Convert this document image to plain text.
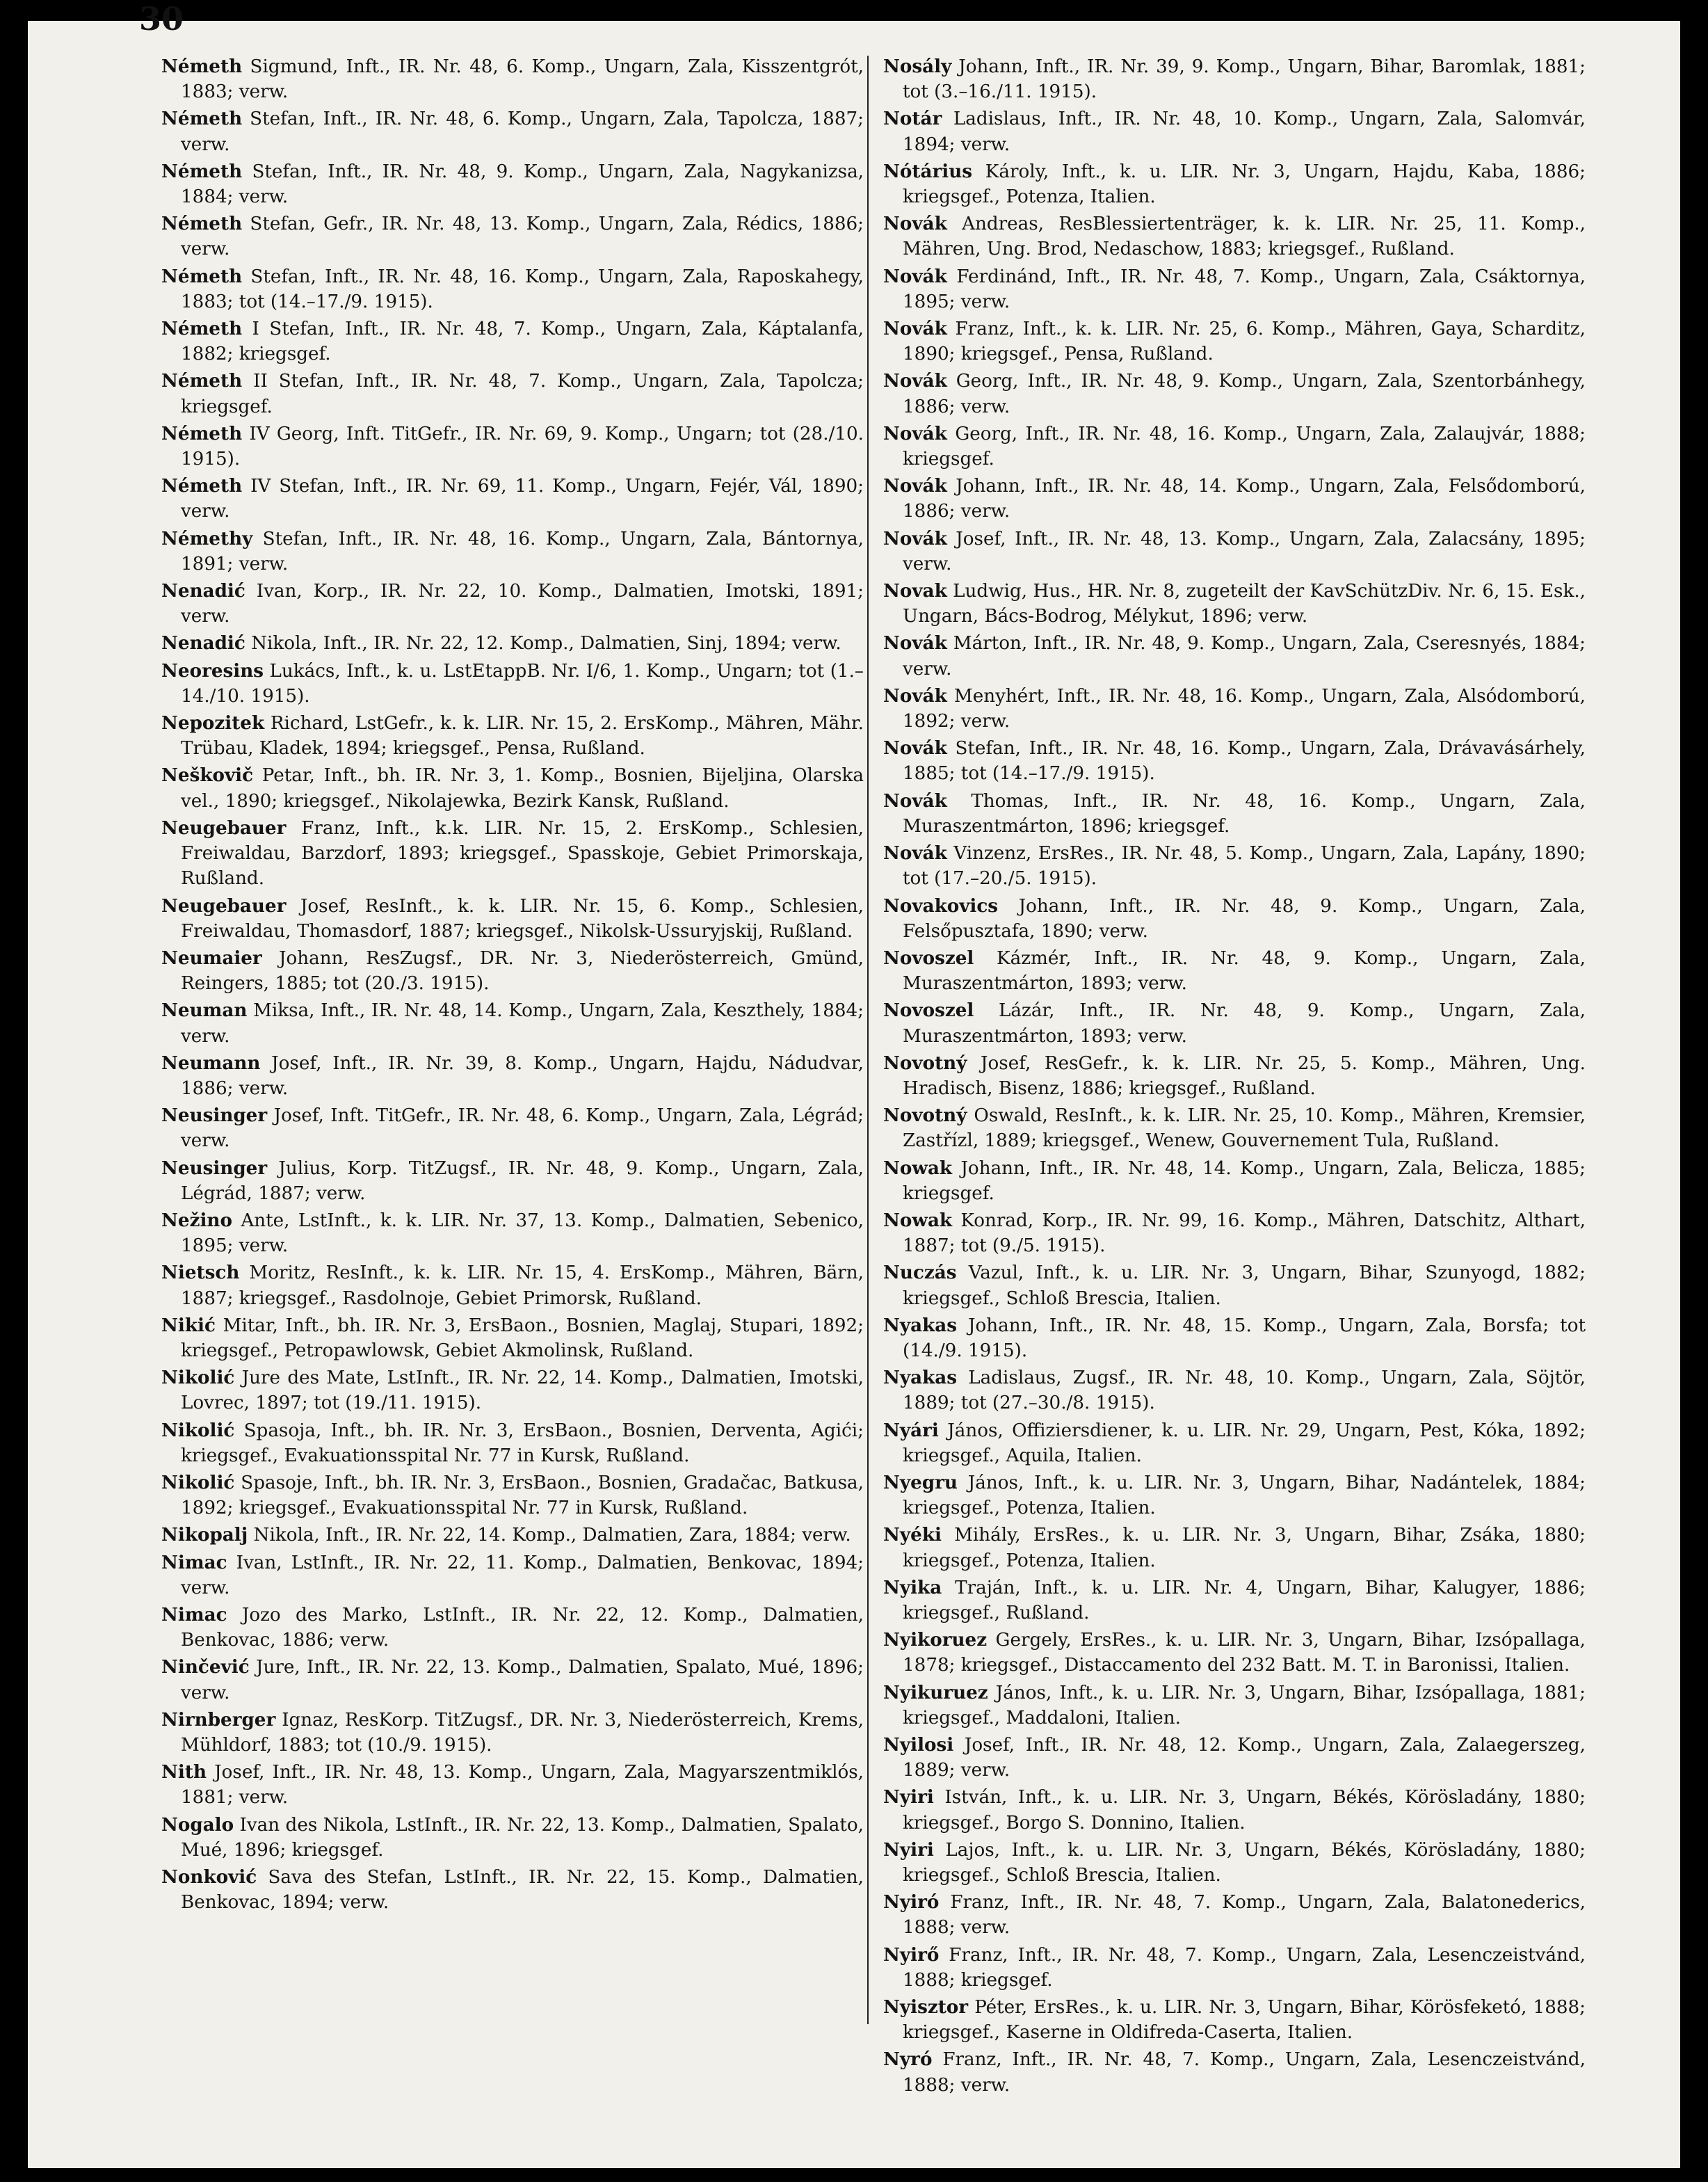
30

Németh Sigmund, Inft., IR. Nr. 48, 6. Komp., Ungarn, Zala, Kisszentgrót, 1883; verw.

Németh Stefan, Inft., IR. Nr. 48, 6. Komp., Ungarn, Zala, Tapolcza, 1887; verw.

Németh Stefan, Inft., IR. Nr. 48, 9. Komp., Ungarn, Zala, Nagykanizsa, 1884; verw.

Németh Stefan, Gefr., IR. Nr. 48, 13. Komp., Ungarn, Zala, Rédics, 1886; verw.

Németh Stefan, Inft., IR. Nr. 48, 16. Komp., Ungarn, Zala, Raposkahegy, 1883; tot (14.–17./9. 1915).

Németh I Stefan, Inft., IR. Nr. 48, 7. Komp., Ungarn, Zala, Káptalanfa, 1882; kriegsgef.

Németh II Stefan, Inft., IR. Nr. 48, 7. Komp., Ungarn, Zala, Tapolcza; kriegsgef.

Németh IV Georg, Inft. TitGefr., IR. Nr. 69, 9. Komp., Ungarn; tot (28./10. 1915).

Németh IV Stefan, Inft., IR. Nr. 69, 11. Komp., Ungarn, Fejér, Vál, 1890; verw.

Némethy Stefan, Inft., IR. Nr. 48, 16. Komp., Ungarn, Zala, Bántornya, 1891; verw.

Nenadić Ivan, Korp., IR. Nr. 22, 10. Komp., Dalmatien, Imotski, 1891; verw.

Nenadić Nikola, Inft., IR. Nr. 22, 12. Komp., Dalmatien, Sinj, 1894; verw.

Neoresins Lukács, Inft., k. u. LstEtappB. Nr. I/6, 1. Komp., Ungarn; tot (1.–14./10. 1915).

Nepozitek Richard, LstGefr., k. k. LIR. Nr. 15, 2. ErsKomp., Mähren, Mähr. Trübau, Kladek, 1894; kriegsgef., Pensa, Rußland.

Neškovič Petar, Inft., bh. IR. Nr. 3, 1. Komp., Bosnien, Bijeljina, Olarska vel., 1890; kriegsgef., Nikolajewka, Bezirk Kansk, Rußland.

Neugebauer Franz, Inft., k.k. LIR. Nr. 15, 2. ErsKomp., Schlesien, Freiwaldau, Barzdorf, 1893; kriegsgef., Spasskoje, Gebiet Primorskaja, Rußland.

Neugebauer Josef, ResInft., k. k. LIR. Nr. 15, 6. Komp., Schlesien, Freiwaldau, Thomasdorf, 1887; kriegsgef., Nikolsk-Ussuryjskij, Rußland.

Neumaier Johann, ResZugsf., DR. Nr. 3, Niederösterreich, Gmünd, Reingers, 1885; tot (20./3. 1915).

Neuman Miksa, Inft., IR. Nr. 48, 14. Komp., Ungarn, Zala, Keszthely, 1884; verw.

Neumann Josef, Inft., IR. Nr. 39, 8. Komp., Ungarn, Hajdu, Nádudvar, 1886; verw.

Neusinger Josef, Inft. TitGefr., IR. Nr. 48, 6. Komp., Ungarn, Zala, Légrád; verw.

Neusinger Julius, Korp. TitZugsf., IR. Nr. 48, 9. Komp., Ungarn, Zala, Légrád, 1887; verw.

Nežino Ante, LstInft., k. k. LIR. Nr. 37, 13. Komp., Dalmatien, Sebenico, 1895; verw.

Nietsch Moritz, ResInft., k. k. LIR. Nr. 15, 4. ErsKomp., Mähren, Bärn, 1887; kriegsgef., Rasdolnoje, Gebiet Primorsk, Rußland.

Nikić Mitar, Inft., bh. IR. Nr. 3, ErsBaon., Bosnien, Maglaj, Stupari, 1892; kriegsgef., Petropawlowsk, Gebiet Akmolinsk, Rußland.

Nikolić Jure des Mate, LstInft., IR. Nr. 22, 14. Komp., Dalmatien, Imotski, Lovrec, 1897; tot (19./11. 1915).

Nikolić Spasoja, Inft., bh. IR. Nr. 3, ErsBaon., Bosnien, Derventa, Agići; kriegsgef., Evakuationsspital Nr. 77 in Kursk, Rußland.

Nikolić Spasoje, Inft., bh. IR. Nr. 3, ErsBaon., Bosnien, Gradačac, Batkusa, 1892; kriegsgef., Evakuationsspital Nr. 77 in Kursk, Rußland.

Nikopalj Nikola, Inft., IR. Nr. 22, 14. Komp., Dalmatien, Zara, 1884; verw.

Nimac Ivan, LstInft., IR. Nr. 22, 11. Komp., Dalmatien, Benkovac, 1894; verw.

Nimac Jozo des Marko, LstInft., IR. Nr. 22, 12. Komp., Dalmatien, Benkovac, 1886; verw.

Ninčević Jure, Inft., IR. Nr. 22, 13. Komp., Dalmatien, Spalato, Mué, 1896; verw.

Nirnberger Ignaz, ResKorp. TitZugsf., DR. Nr. 3, Niederösterreich, Krems, Mühldorf, 1883; tot (10./9. 1915).

Nith Josef, Inft., IR. Nr. 48, 13. Komp., Ungarn, Zala, Magyarszentmiklós, 1881; verw.

Nogalo Ivan des Nikola, LstInft., IR. Nr. 22, 13. Komp., Dalmatien, Spalato, Mué, 1896; kriegsgef.

Nonković Sava des Stefan, LstInft., IR. Nr. 22, 15. Komp., Dalmatien, Benkovac, 1894; verw.

Nosály Johann, Inft., IR. Nr. 39, 9. Komp., Ungarn, Bihar, Baromlak, 1881; tot (3.–16./11. 1915).

Notár Ladislaus, Inft., IR. Nr. 48, 10. Komp., Ungarn, Zala, Salomvár, 1894; verw.

Nótárius Károly, Inft., k. u. LIR. Nr. 3, Ungarn, Hajdu, Kaba, 1886; kriegsgef., Potenza, Italien.

Novák Andreas, ResBlessiertenträger, k. k. LIR. Nr. 25, 11. Komp., Mähren, Ung. Brod, Nedaschow, 1883; kriegsgef., Rußland.

Novák Ferdinánd, Inft., IR. Nr. 48, 7. Komp., Ungarn, Zala, Csáktornya, 1895; verw.

Novák Franz, Inft., k. k. LIR. Nr. 25, 6. Komp., Mähren, Gaya, Scharditz, 1890; kriegsgef., Pensa, Rußland.

Novák Georg, Inft., IR. Nr. 48, 9. Komp., Ungarn, Zala, Szentorbánhegy, 1886; verw.

Novák Georg, Inft., IR. Nr. 48, 16. Komp., Ungarn, Zala, Zalaujvár, 1888; kriegsgef.

Novák Johann, Inft., IR. Nr. 48, 14. Komp., Ungarn, Zala, Felsődomború, 1886; verw.

Novák Josef, Inft., IR. Nr. 48, 13. Komp., Ungarn, Zala, Zalacsány, 1895; verw.

Novak Ludwig, Hus., HR. Nr. 8, zugeteilt der KavSchützDiv. Nr. 6, 15. Esk., Ungarn, Bács-Bodrog, Mélykut, 1896; verw.

Novák Márton, Inft., IR. Nr. 48, 9. Komp., Ungarn, Zala, Cseresnyés, 1884; verw.

Novák Menyhért, Inft., IR. Nr. 48, 16. Komp., Ungarn, Zala, Alsódomború, 1892; verw.

Novák Stefan, Inft., IR. Nr. 48, 16. Komp., Ungarn, Zala, Drávavásárhely, 1885; tot (14.–17./9. 1915).

Novák Thomas, Inft., IR. Nr. 48, 16. Komp., Ungarn, Zala, Muraszentmárton, 1896; kriegsgef.

Novák Vinzenz, ErsRes., IR. Nr. 48, 5. Komp., Ungarn, Zala, Lapány, 1890; tot (17.–20./5. 1915).

Novakovics Johann, Inft., IR. Nr. 48, 9. Komp., Ungarn, Zala, Felsőpusztafa, 1890; verw.

Novoszel Kázmér, Inft., IR. Nr. 48, 9. Komp., Ungarn, Zala, Muraszentmárton, 1893; verw.

Novoszel Lázár, Inft., IR. Nr. 48, 9. Komp., Ungarn, Zala, Muraszentmárton, 1893; verw.

Novotný Josef, ResGefr., k. k. LIR. Nr. 25, 5. Komp., Mähren, Ung. Hradisch, Bisenz, 1886; kriegsgef., Rußland.

Novotný Oswald, ResInft., k. k. LIR. Nr. 25, 10. Komp., Mähren, Kremsier, Zastřízl, 1889; kriegsgef., Wenew, Gouvernement Tula, Rußland.

Nowak Johann, Inft., IR. Nr. 48, 14. Komp., Ungarn, Zala, Belicza, 1885; kriegsgef.

Nowak Konrad, Korp., IR. Nr. 99, 16. Komp., Mähren, Datschitz, Althart, 1887; tot (9./5. 1915).

Nuczás Vazul, Inft., k. u. LIR. Nr. 3, Ungarn, Bihar, Szunyogd, 1882; kriegsgef., Schloß Brescia, Italien.

Nyakas Johann, Inft., IR. Nr. 48, 15. Komp., Ungarn, Zala, Borsfa; tot (14./9. 1915).

Nyakas Ladislaus, Zugsf., IR. Nr. 48, 10. Komp., Ungarn, Zala, Söjtör, 1889; tot (27.–30./8. 1915).

Nyári János, Offiziersdiener, k. u. LIR. Nr. 29, Ungarn, Pest, Kóka, 1892; kriegsgef., Aquila, Italien.

Nyegru János, Inft., k. u. LIR. Nr. 3, Ungarn, Bihar, Nadántelek, 1884; kriegsgef., Potenza, Italien.

Nyéki Mihály, ErsRes., k. u. LIR. Nr. 3, Ungarn, Bihar, Zsáka, 1880; kriegsgef., Potenza, Italien.

Nyika Traján, Inft., k. u. LIR. Nr. 4, Ungarn, Bihar, Kalugyer, 1886; kriegsgef., Rußland.

Nyikoruez Gergely, ErsRes., k. u. LIR. Nr. 3, Ungarn, Bihar, Izsópallaga, 1878; kriegsgef., Distaccamento del 232 Batt. M. T. in Baronissi, Italien.

Nyikuruez János, Inft., k. u. LIR. Nr. 3, Ungarn, Bihar, Izsópallaga, 1881; kriegsgef., Maddaloni, Italien.

Nyilosi Josef, Inft., IR. Nr. 48, 12. Komp., Ungarn, Zala, Zalaegerszeg, 1889; verw.

Nyiri István, Inft., k. u. LIR. Nr. 3, Ungarn, Békés, Körösladány, 1880; kriegsgef., Borgo S. Donnino, Italien.

Nyiri Lajos, Inft., k. u. LIR. Nr. 3, Ungarn, Békés, Körösladány, 1880; kriegsgef., Schloß Brescia, Italien.

Nyiró Franz, Inft., IR. Nr. 48, 7. Komp., Ungarn, Zala, Balatonederics, 1888; verw.

Nyirő Franz, Inft., IR. Nr. 48, 7. Komp., Ungarn, Zala, Lesenczeistvánd, 1888; kriegsgef.

Nyisztor Péter, ErsRes., k. u. LIR. Nr. 3, Ungarn, Bihar, Körösfeketó, 1888; kriegsgef., Kaserne in Oldifreda-Caserta, Italien.

Nyró Franz, Inft., IR. Nr. 48, 7. Komp., Ungarn, Zala, Lesenczeistvánd, 1888; verw.
